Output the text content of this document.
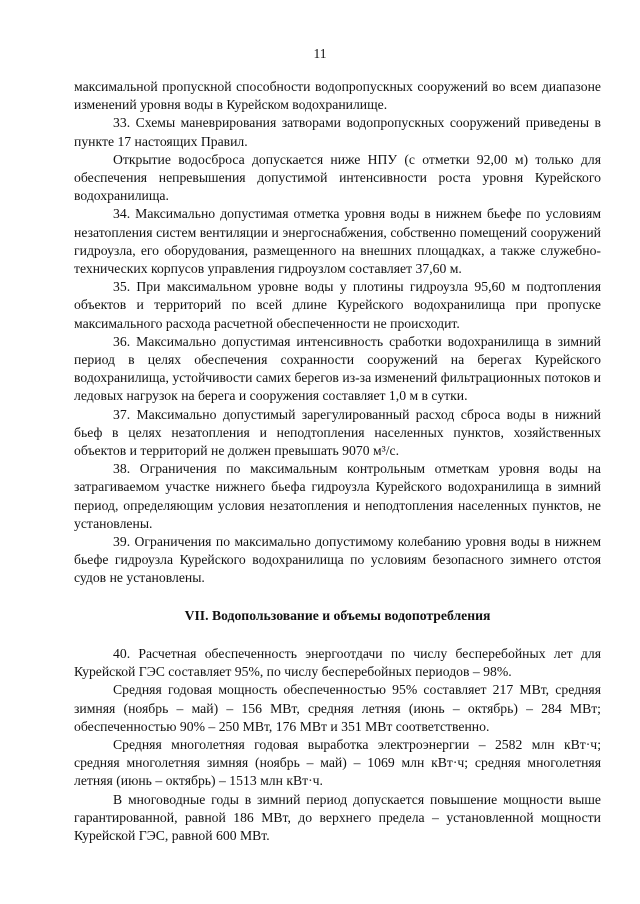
11

максимальной пропускной способности водопропускных сооружений во всем диапазоне изменений уровня воды в Курейском водохранилище.

33. Схемы маневрирования затворами водопропускных сооружений приведены в пункте 17 настоящих Правил.

Открытие водосброса допускается ниже НПУ (с отметки 92,00 м) только для обеспечения непревышения допустимой интенсивности роста уровня Курейского водохранилища.

34. Максимально допустимая отметка уровня воды в нижнем бьефе по условиям незатопления систем вентиляции и энергоснабжения, собственно помещений сооружений гидроузла, его оборудования, размещенного на внешних площадках, а также служебно-технических корпусов управления гидроузлом составляет 37,60 м.

35. При максимальном уровне воды у плотины гидроузла 95,60 м подтопления объектов и территорий по всей длине Курейского водохранилища при пропуске максимального расхода расчетной обеспеченности не происходит.

36. Максимально допустимая интенсивность сработки водохранилища в зимний период в целях обеспечения сохранности сооружений на берегах Курейского водохранилища, устойчивости самих берегов из-за изменений фильтрационных потоков и ледовых нагрузок на берега и сооружения составляет 1,0 м в сутки.

37. Максимально допустимый зарегулированный расход сброса воды в нижний бьеф в целях незатопления и неподтопления населенных пунктов, хозяйственных объектов и территорий не должен превышать 9070 м³/с.

38. Ограничения по максимальным контрольным отметкам уровня воды на затрагиваемом участке нижнего бьефа гидроузла Курейского водохранилища в зимний период, определяющим условия незатопления и неподтопления населенных пунктов, не установлены.

39. Ограничения по максимально допустимому колебанию уровня воды в нижнем бьефе гидроузла Курейского водохранилища по условиям безопасного зимнего отстоя судов не установлены.

VII. Водопользование и объемы водопотребления

40. Расчетная обеспеченность энергоотдачи по числу бесперебойных лет для Курейской ГЭС составляет 95%, по числу бесперебойных периодов – 98%.

Средняя годовая мощность обеспеченностью 95% составляет 217 МВт, средняя зимняя (ноябрь – май) – 156 МВт, средняя летняя (июнь – октябрь) – 284 МВт; обеспеченностью 90% – 250 МВт, 176 МВт и 351 МВт соответственно.

Средняя многолетняя годовая выработка электроэнергии – 2582 млн кВт·ч; средняя многолетняя зимняя (ноябрь – май) – 1069 млн кВт·ч; средняя многолетняя летняя (июнь – октябрь) – 1513 млн кВт·ч.

В многоводные годы в зимний период допускается повышение мощности выше гарантированной, равной 186 МВт, до верхнего предела – установленной мощности Курейской ГЭС, равной 600 МВт.
